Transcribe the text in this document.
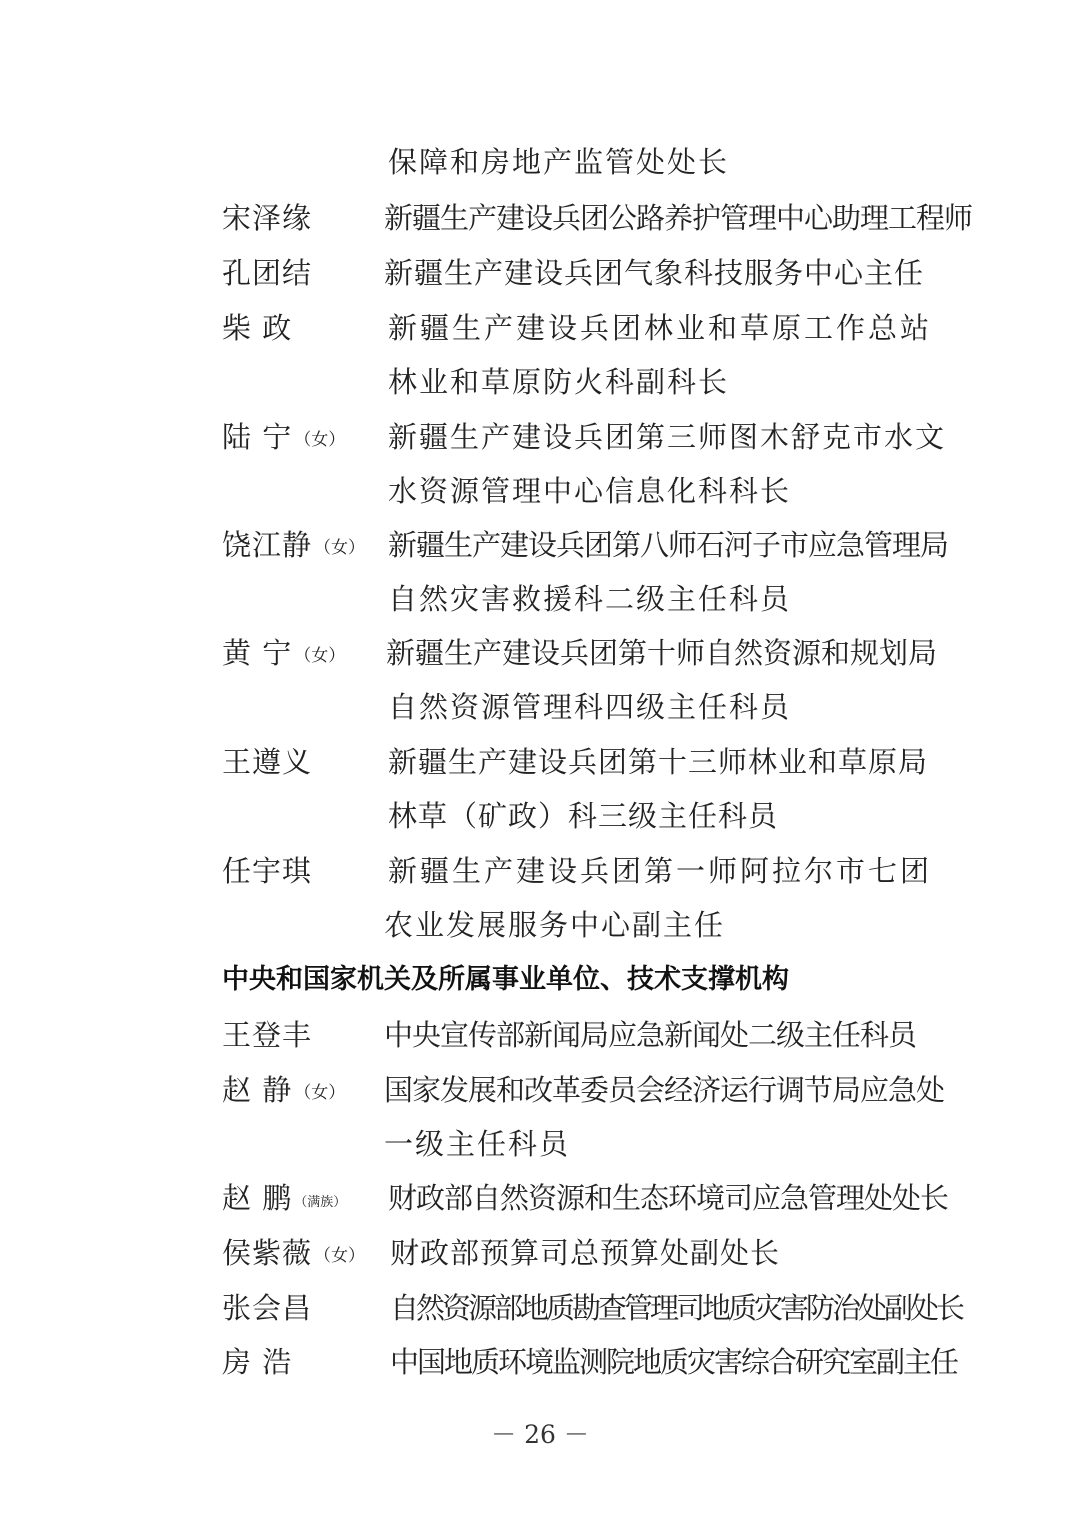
保障和房地产监管处处长
宋泽缘 新疆生产建设兵团公路养护管理中心助理工程师
孔团结 新疆生产建设兵团气象科技服务中心主任
柴 政	新疆生产建设兵团林业和草原工作总站
林业和草原防火科副科长
陆 宁 （女） 新疆生产建设兵团第三师图木舒克市水文
水资源管理中心信息化科科长
饶江静 （女） 新疆生产建设兵团第八师石河子市应急管理局
自然灾害救援科二级主任科员
黄 宁 （女） 新疆生产建设兵团第十师自然资源和规划局
自然资源管理科四级主任科员
王遵义	新疆生产建设兵团第十三师林业和草原局
林草（矿政）科三级主任科员
任宇琪	新疆生产建设兵团第一师阿拉尔市七团
农业发展服务中心副主任
中央和国家机关及所属事业单位、技术支撑机构
王登丰 中央宣传部新闻局应急新闻处二级主任科员
赵 静 （女） 国家发展和改革委员会经济运行调节局应急处
一级主任科员
赵 鹏 （满族） 财政部自然资源和生态环境司应急管理处处长
侯紫薇 （女） 财政部预算司总预算处副处长
张会昌	自然资源部地质勘查管理司地质灾害防治处副处长
房 浩	中国地质环境监测院地质灾害综合研究室副主任
－ 26 －
